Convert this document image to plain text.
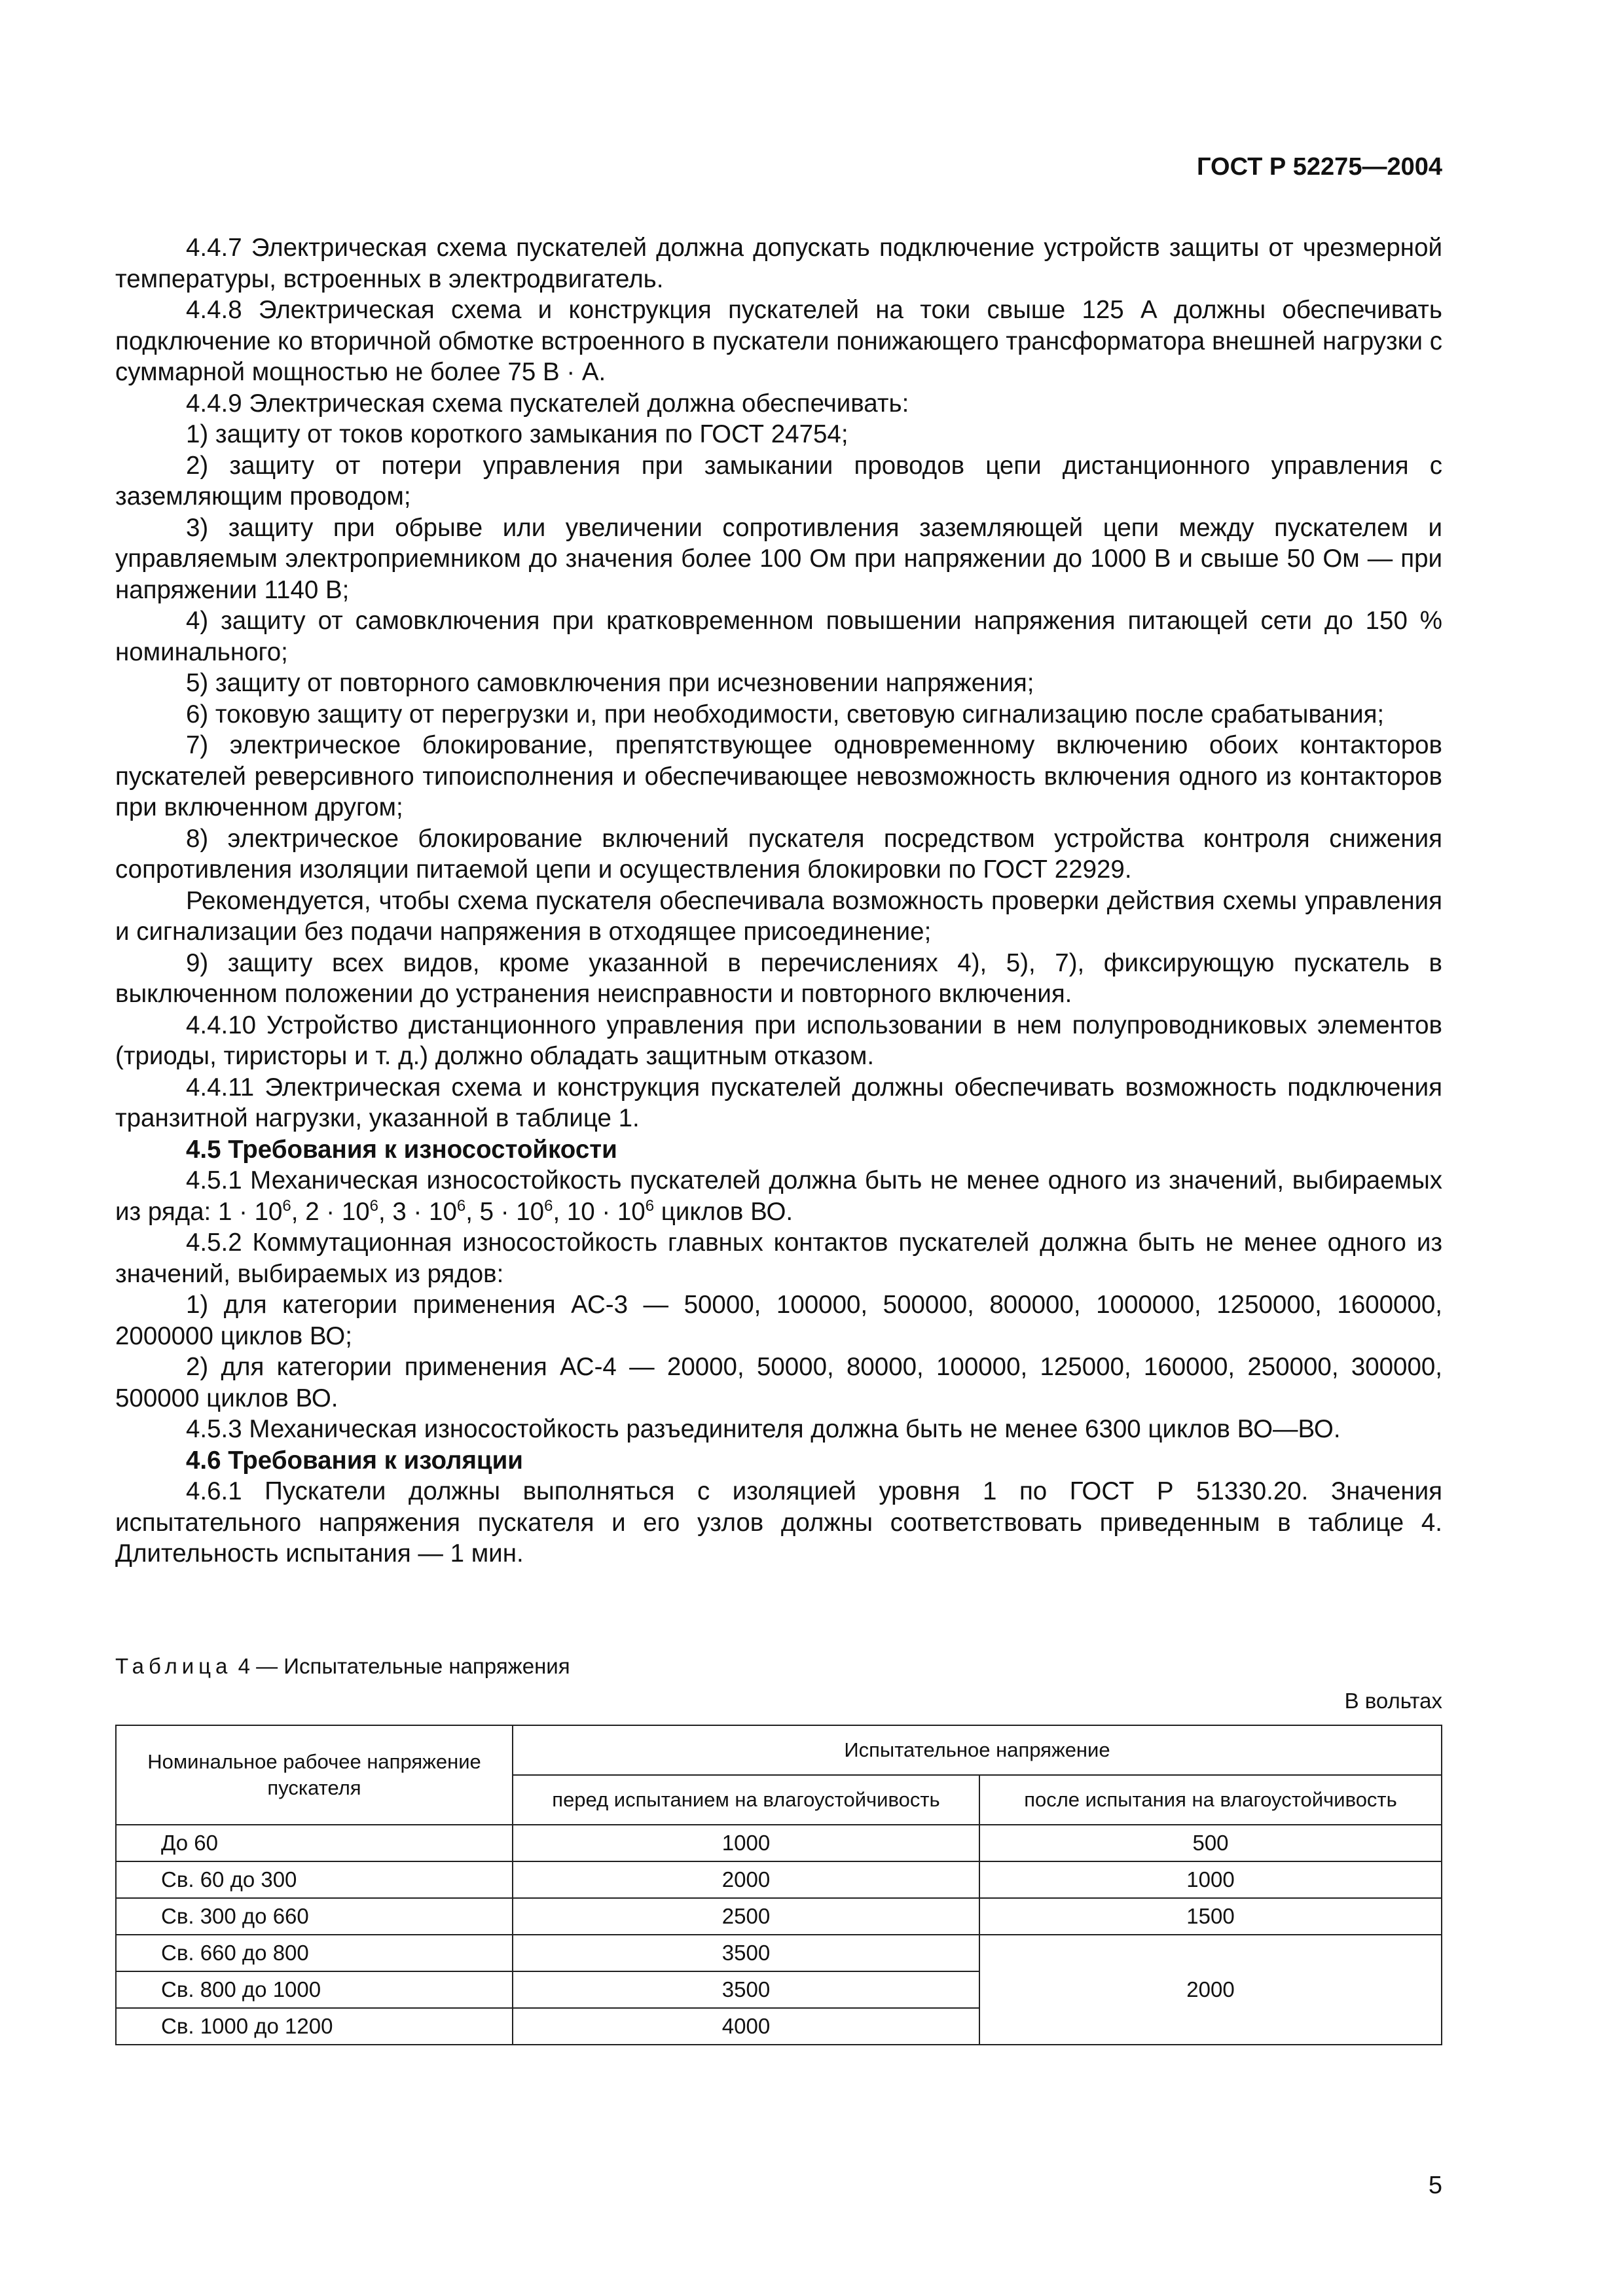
ГОСТ Р 52275—2004

4.4.7 Электрическая схема пускателей должна допускать подключение устройств защиты от чрезмерной температуры, встроенных в электродвигатель.

4.4.8 Электрическая схема и конструкция пускателей на токи свыше 125 А должны обеспечивать подключение ко вторичной обмотке встроенного в пускатели понижающего трансформатора внешней нагрузки с суммарной мощностью не более 75 В · А.

4.4.9 Электрическая схема пускателей должна обеспечивать:

1) защиту от токов короткого замыкания по ГОСТ 24754;

2) защиту от потери управления при замыкании проводов цепи дистанционного управления с заземляющим проводом;

3) защиту при обрыве или увеличении сопротивления заземляющей цепи между пускателем и управляемым электроприемником до значения более 100 Ом при напряжении до 1000 В и свыше 50 Ом — при напряжении 1140 В;

4) защиту от самовключения при кратковременном повышении напряжения питающей сети до 150 % номинального;

5) защиту от повторного самовключения при исчезновении напряжения;

6) токовую защиту от перегрузки и, при необходимости, световую сигнализацию после срабатывания;

7) электрическое блокирование, препятствующее одновременному включению обоих контакторов пускателей реверсивного типоисполнения и обеспечивающее невозможность включения одного из контакторов при включенном другом;

8) электрическое блокирование включений пускателя посредством устройства контроля снижения сопротивления изоляции питаемой цепи и осуществления блокировки по ГОСТ 22929.

Рекомендуется, чтобы схема пускателя обеспечивала возможность проверки действия схемы управления и сигнализации без подачи напряжения в отходящее присоединение;

9) защиту всех видов, кроме указанной в перечислениях 4), 5), 7), фиксирующую пускатель в выключенном положении до устранения неисправности и повторного включения.

4.4.10 Устройство дистанционного управления при использовании в нем полупроводниковых элементов (триоды, тиристоры и т. д.) должно обладать защитным отказом.

4.4.11 Электрическая схема и конструкция пускателей должны обеспечивать возможность подключения транзитной нагрузки, указанной в таблице 1.

4.5 Требования к износостойкости

4.5.1 Механическая износостойкость пускателей должна быть не менее одного из значений, выбираемых из ряда: $1 \cdot 10^6$, $2 \cdot 10^6$, $3 \cdot 10^6$, $5 \cdot 10^6$, $10 \cdot 10^6$ циклов ВО.

4.5.2 Коммутационная износостойкость главных контактов пускателей должна быть не менее одного из значений, выбираемых из рядов:

1) для категории применения АС-3 — 50000, 100000, 500000, 800000, 1000000, 1250000, 1600000, 2000000 циклов ВО;

2) для категории применения АС-4 — 20000, 50000, 80000, 100000, 125000, 160000, 250000, 300000, 500000 циклов ВО.

4.5.3 Механическая износостойкость разъединителя должна быть не менее 6300 циклов ВО—ВО.

4.6 Требования к изоляции

4.6.1 Пускатели должны выполняться с изоляцией уровня 1 по ГОСТ Р 51330.20. Значения испытательного напряжения пускателя и его узлов должны соответствовать приведенным в таблице 4. Длительность испытания — 1 мин.

Таблица 4 — Испытательные напряжения
В вольтах
Номинальное рабочее напряжение пускателя	Испытательное напряжение	
	перед испытанием на влагоустойчивость	после испытания на влагоустойчивость
До 60	1000	500
Св. 60 до 300	2000	1000
Св. 300 до 660	2500	1500
Св. 660 до 800	3500	2000
Св. 800 до 1000	3500	
Св. 1000 до 1200	4000	
5
